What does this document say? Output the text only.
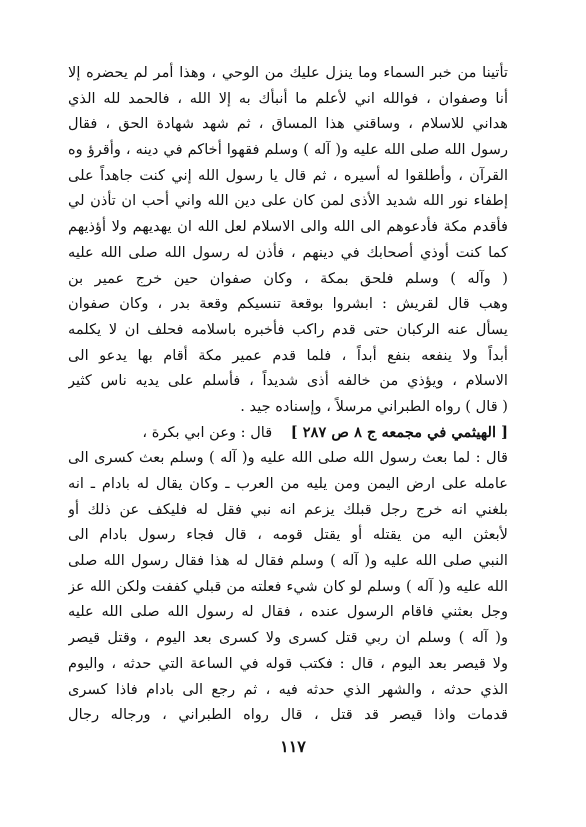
تأتينا من خبر السماء وما ينزل عليك من الوحي ، وهذا أمر لم يحضره إلا
أنا وصفوان ، فوالله اني لأعلم ما أنبأك به إلا الله ، فالحمد لله الذي
هداني للاسلام ، وساقني هذا المساق ، ثم شهد شهادة الحق ، فقال
رسول الله صلى الله عليه و( آله ) وسلم فقهوا أخاكم في دينه ، وأقرؤ وه
القرآن ، وأطلقوا له أسيره ، ثم قال يا رسول الله إني كنت جاهداً على
إطفاء نور الله شديد الأذى لمن كان على دين الله واني أحب ان تأذن لي
فأقدم مكة فأدعوهم الى الله والى الاسلام لعل الله ان يهديهم ولا أؤذيهم
كما كنت أوذي أصحابك في دينهم ، فأذن له رسول الله صلى الله عليه
( وآله ) وسلم فلحق بمكة ، وكان صفوان حين خرج عمير بن
وهب قال لقريش : ابشروا بوقعة تنسيكم وقعة بدر ، وكان صفوان
يسأل عنه الركبان حتى قدم راكب فأخبره باسلامه فحلف ان لا يكلمه
أبداً ولا ينفعه بنفع أبداً ، فلما قدم عمير مكة أقام بها يدعو الى
الاسلام ، ويؤذي من خالفه أذى شديداً ، فأسلم على يديه ناس كثير
( قال ) رواه الطبراني مرسلاً ، وإسناده جيد .
[ الهيثمي في مجمعه ج ٨ ص ٢٨٧ ]    قال : وعن ابي بكرة ،
قال : لما بعث رسول الله صلى الله عليه و( آله ) وسلم بعث كسرى الى
عامله على ارض اليمن ومن يليه من العرب ـ وكان يقال له بادام ـ انه
بلغني انه خرج رجل قبلك يزعم انه نبي فقل له فليكف عن ذلك أو
لأبعثن اليه من يقتله أو يقتل قومه ، قال فجاء رسول بادام الى
النبي صلى الله عليه و( آله ) وسلم فقال له هذا فقال رسول الله صلى
الله عليه و( آله ) وسلم لو كان شيء فعلته من قبلي كففت ولكن الله عز
وجل بعثني فاقام الرسول عنده ، فقال له رسول الله صلى الله عليه
و( آله ) وسلم ان ربي قتل كسرى ولا كسرى بعد اليوم ، وقتل قيصر
ولا قيصر بعد اليوم ، قال : فكتب قوله في الساعة التي حدثه ، واليوم
الذي حدثه ، والشهر الذي حدثه فيه ، ثم رجع الى بادام فاذا كسرى
قدمات واذا قيصر قد قتل ، قال رواه الطبراني ، ورجاله رجال
١١٧
